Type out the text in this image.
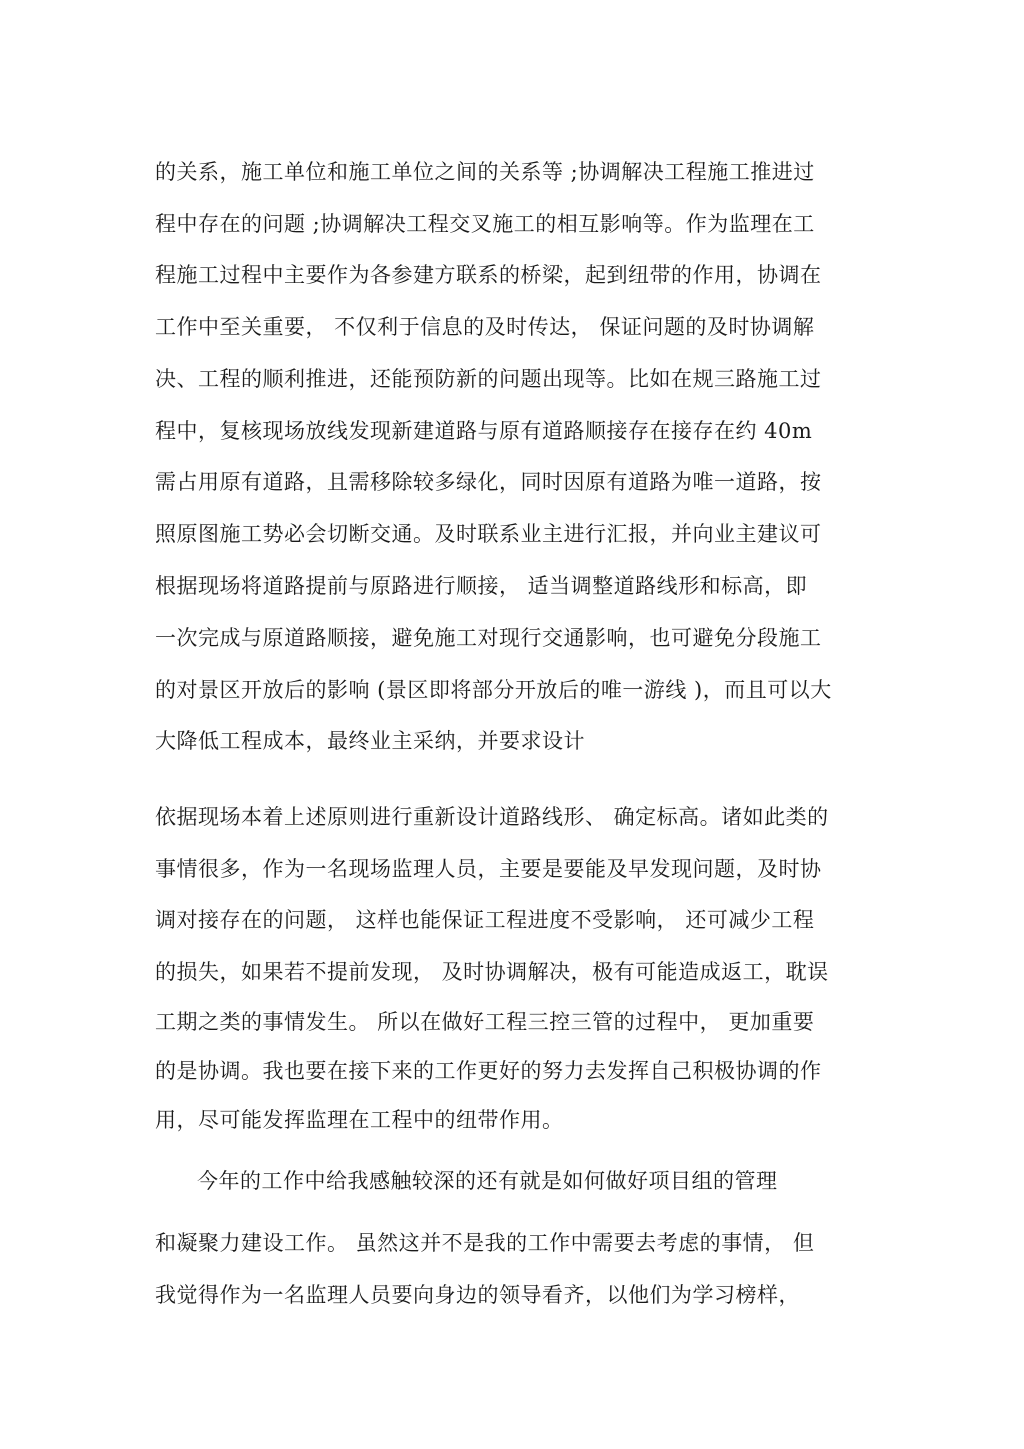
的关系，施工单位和施工单位之间的关系等 ;协调解决工程施工推进过
程中存在的问题 ;协调解决工程交叉施工的相互影响等。作为监理在工
程施工过程中主要作为各参建方联系的桥梁，起到纽带的作用，协调在
工作中至关重要， 不仅利于信息的及时传达， 保证问题的及时协调解
决、工程的顺利推进，还能预防新的问题出现等。比如在规三路施工过
程中，复核现场放线发现新建道路与原有道路顺接存在接存在约 40m
需占用原有道路，且需移除较多绿化，同时因原有道路为唯一道路，按
照原图施工势必会切断交通。及时联系业主进行汇报，并向业主建议可
根据现场将道路提前与原路进行顺接， 适当调整道路线形和标高，即
一次完成与原道路顺接，避免施工对现行交通影响，也可避免分段施工
的对景区开放后的影响 (景区即将部分开放后的唯一游线 )，而且可以大
大降低工程成本，最终业主采纳，并要求设计
依据现场本着上述原则进行重新设计道路线形、 确定标高。诸如此类的
事情很多，作为一名现场监理人员，主要是要能及早发现问题，及时协
调对接存在的问题， 这样也能保证工程进度不受影响， 还可减少工程
的损失，如果若不提前发现， 及时协调解决，极有可能造成返工，耽误
工期之类的事情发生。 所以在做好工程三控三管的过程中， 更加重要
的是协调。我也要在接下来的工作更好的努力去发挥自己积极协调的作
用，尽可能发挥监理在工程中的纽带作用。
今年的工作中给我感触较深的还有就是如何做好项目组的管理
和凝聚力建设工作。 虽然这并不是我的工作中需要去考虑的事情， 但
我觉得作为一名监理人员要向身边的领导看齐，以他们为学习榜样，
